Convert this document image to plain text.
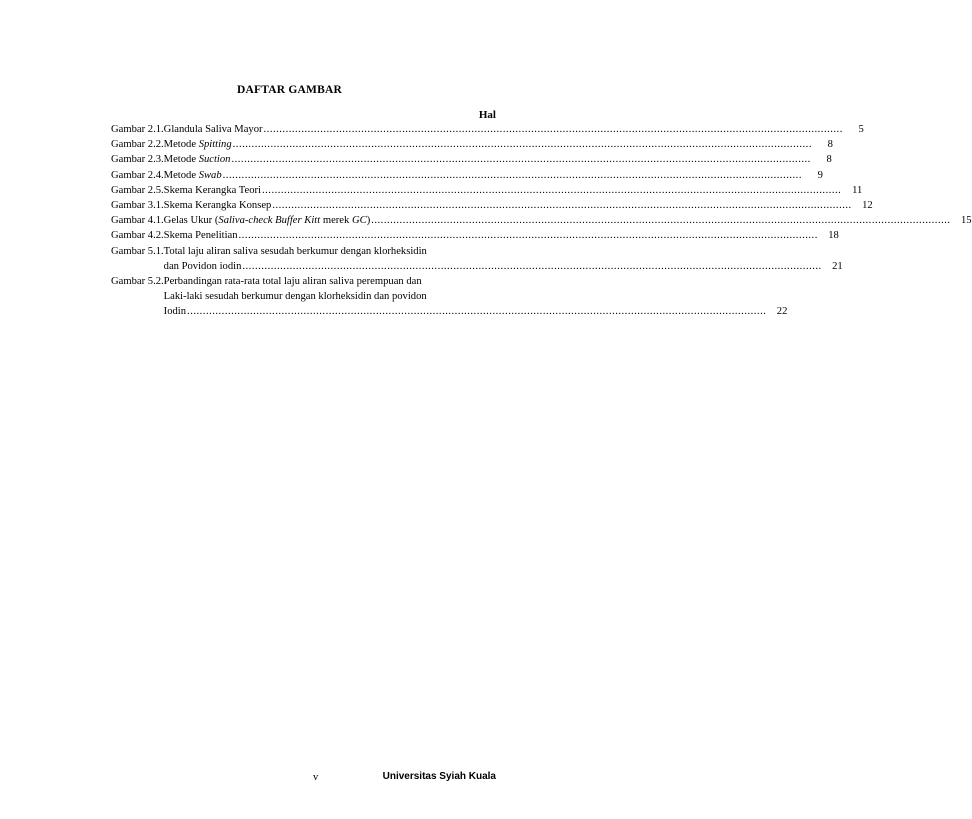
DAFTAR GAMBAR
Hal
Gambar 2.1. Glandula Saliva Mayor .....	5
Gambar 2.2. Metode Spitting .....	8
Gambar 2.3. Metode Suction .....	8
Gambar 2.4. Metode Swab .....	9
Gambar 2.5. Skema Kerangka Teori .....	11
Gambar 3.1. Skema Kerangka Konsep .....	12
Gambar 4.1. Gelas Ukur (Saliva-check Buffer Kitt merek GC) .....	15
Gambar 4.2. Skema Penelitian .....	18
Gambar 5.1. Total laju aliran saliva sesudah berkumur dengan klorheksidin
dan Povidon iodin .....	21
Gambar 5.2. Perbandingan rata-rata total laju aliran saliva perempuan dan
Laki-laki sesudah berkumur dengan klorheksidin dan povidon
Iodin .....	22
v	Universitas Syiah Kuala
